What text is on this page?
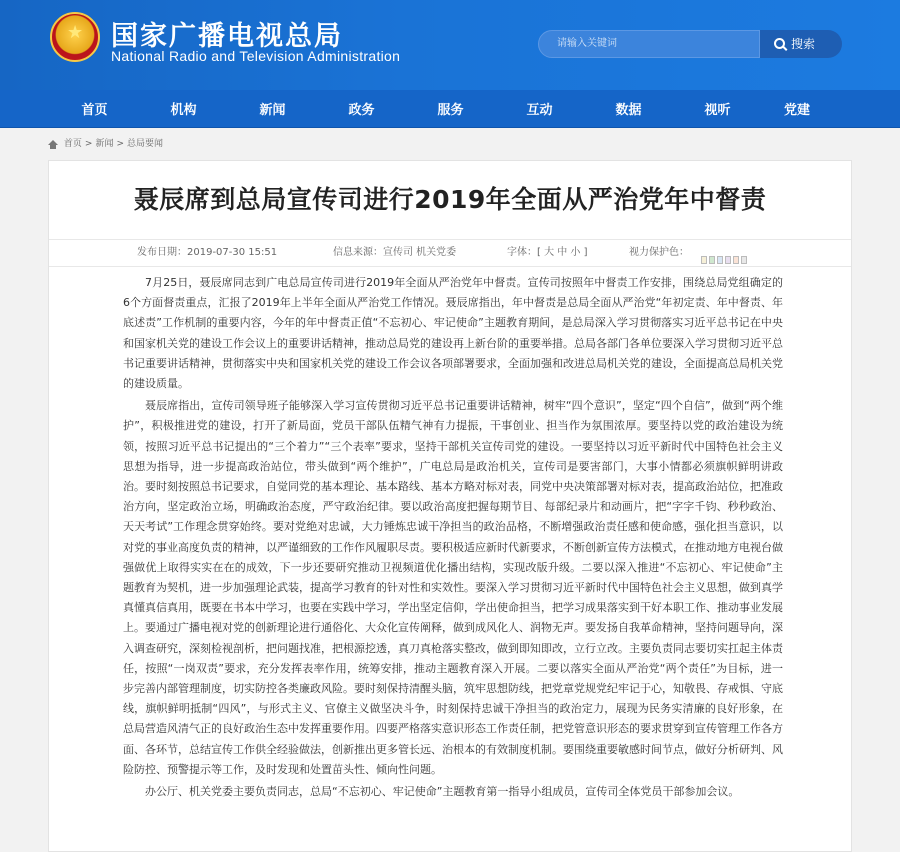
★ 国家广播电视总局
National Radio and Television Administration
请输入关键词	搜索
首页	机构	新闻	政务	服务	互动	数据	视听	党建
首页 > 新闻 > 总局要闻
聂辰席到总局宣传司进行2019年全面从严治党年中督责
发布日期：2019-07-30 15:51	信息来源：宣传司 机关党委	字体：[ 大 中 小 ]	视力保护色：

7月25日，聂辰席同志到广电总局宣传司进行2019年全面从严治党年中督责。宣传司按照年中督责工作安排，围绕总局党组确定的6个方面督责重点，汇报了2019年上半年全面从严治党工作情况。聂辰席指出，年中督责是总局全面从严治党“年初定责、年中督责、年底述责”工作机制的重要内容，今年的年中督责正值“不忘初心、牢记使命”主题教育期间，是总局深入学习贯彻落实习近平总书记在中央和国家机关党的建设工作会议上的重要讲话精神，推动总局党的建设再上新台阶的重要举措。总局各部门各单位要深入学习贯彻习近平总书记重要讲话精神，贯彻落实中央和国家机关党的建设工作会议各项部署要求，全面加强和改进总局机关党的建设，全面提高总局机关党的建设质量。

聂辰席指出，宣传司领导班子能够深入学习宣传贯彻习近平总书记重要讲话精神，树牢“四个意识”，坚定“四个自信”，做到“两个维护”，积极推进党的建设，打开了新局面，党员干部队伍精气神有力提振，干事创业、担当作为氛围浓厚。要坚持以党的政治建设为统领，按照习近平总书记提出的“三个着力”“三个表率”要求，坚持干部机关宣传司党的建设。一要坚持以习近平新时代中国特色社会主义思想为指导，进一步提高政治站位，带头做到“两个维护”，广电总局是政治机关，宣传司是要害部门，大事小情都必须旗帜鲜明讲政治。要时刻按照总书记要求，自觉同党的基本理论、基本路线、基本方略对标对表，同党中央决策部署对标对表，提高政治站位，把准政治方向，坚定政治立场，明确政治态度，严守政治纪律。要以政治高度把握每期节目、每部纪录片和动画片，把“字字千钧、秒秒政治、天天考试”工作理念贯穿始终。要对党绝对忠诚，大力锤炼忠诚干净担当的政治品格，不断增强政治责任感和使命感，强化担当意识，以对党的事业高度负责的精神，以严谨细致的工作作风履职尽责。要积极适应新时代新要求，不断创新宣传方法模式，在推动地方电视台做强做优上取得实实在在的成效，下一步还要研究推动卫视频道优化播出结构，实现改版升级。二要以深入推进“不忘初心、牢记使命”主题教育为契机，进一步加强理论武装，提高学习教育的针对性和实效性。要深入学习贯彻习近平新时代中国特色社会主义思想，做到真学真懂真信真用，既要在书本中学习，也要在实践中学习，学出坚定信仰，学出使命担当，把学习成果落实到干好本职工作、推动事业发展上。要通过广播电视对党的创新理论进行通俗化、大众化宣传阐释，做到成风化人、润物无声。要发扬自我革命精神，坚持问题导向，深入调查研究，深刻检视剖析，把问题找准，把根源挖透，真刀真枪落实整改，做到即知即改，立行立改。主要负责同志要切实扛起主体责任，按照“一岗双责”要求，充分发挥表率作用，统筹安排，推动主题教育深入开展。二要以落实全面从严治党“两个责任”为目标，进一步完善内部管理制度，切实防控各类廉政风险。要时刻保持清醒头脑，筑牢思想防线，把党章党规党纪牢记于心，知敬畏、存戒惧、守底线，旗帜鲜明抵制“四风”，与形式主义、官僚主义做坚决斗争，时刻保持忠诚干净担当的政治定力，展现为民务实清廉的良好形象，在总局营造风清气正的良好政治生态中发挥重要作用。四要严格落实意识形态工作责任制，把党管意识形态的要求贯穿到宣传管理工作各方面、各环节，总结宣传工作供全经验做法，创新推出更多管长远、治根本的有效制度机制。要围绕重要敏感时间节点，做好分析研判、风险防控、预警提示等工作，及时发现和处置苗头性、倾向性问题。

办公厅、机关党委主要负责同志，总局“不忘初心、牢记使命”主题教育第一指导小组成员，宣传司全体党员干部参加会议。
